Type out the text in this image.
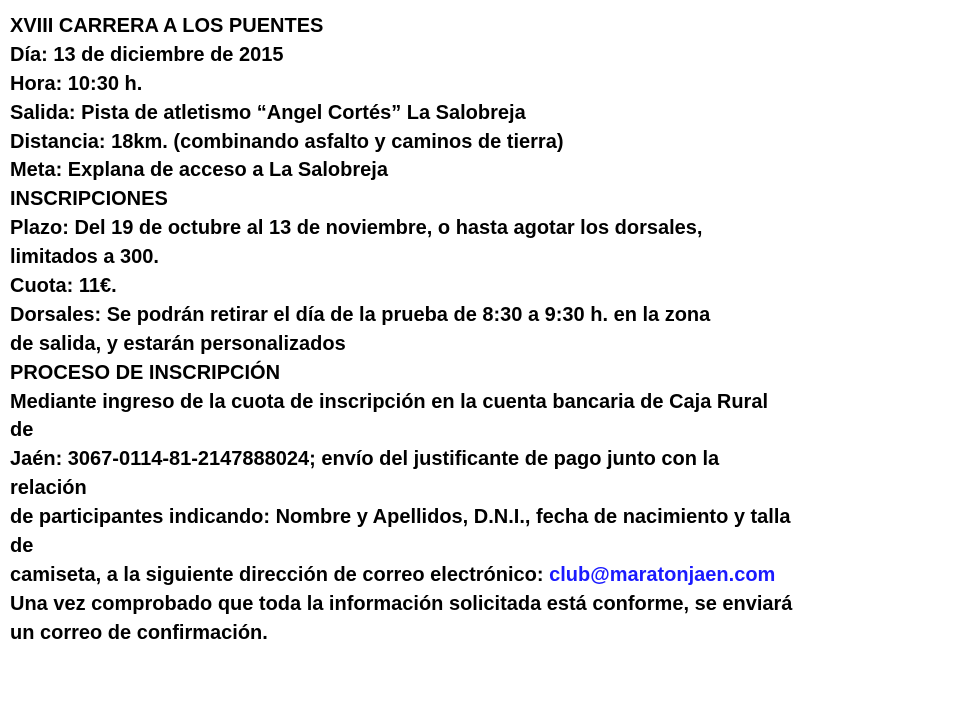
XVIII CARRERA A LOS PUENTES
Día: 13 de diciembre de 2015
Hora: 10:30 h.
Salida: Pista de atletismo “Angel Cortés” La Salobreja
Distancia: 18km. (combinando asfalto y caminos de tierra)
Meta: Explana de acceso a La Salobreja
INSCRIPCIONES
Plazo: Del 19 de octubre al 13 de noviembre, o hasta agotar los dorsales,
limitados a 300.
Cuota: 11€.
Dorsales: Se podrán retirar el día de la prueba de 8:30 a 9:30 h. en la zona
de salida, y estarán personalizados
PROCESO DE INSCRIPCIÓN
Mediante ingreso de la cuota de inscripción en la cuenta bancaria de Caja Rural
de
Jaén: 3067-0114-81-2147888024; envío del justificante de pago junto con la
relación
de participantes indicando: Nombre y Apellidos, D.N.I., fecha de nacimiento y talla
de
camiseta, a la siguiente dirección de correo electrónico: club@maratonjaen.com
Una vez comprobado que toda la información solicitada está conforme, se enviará
un correo de confirmación.
